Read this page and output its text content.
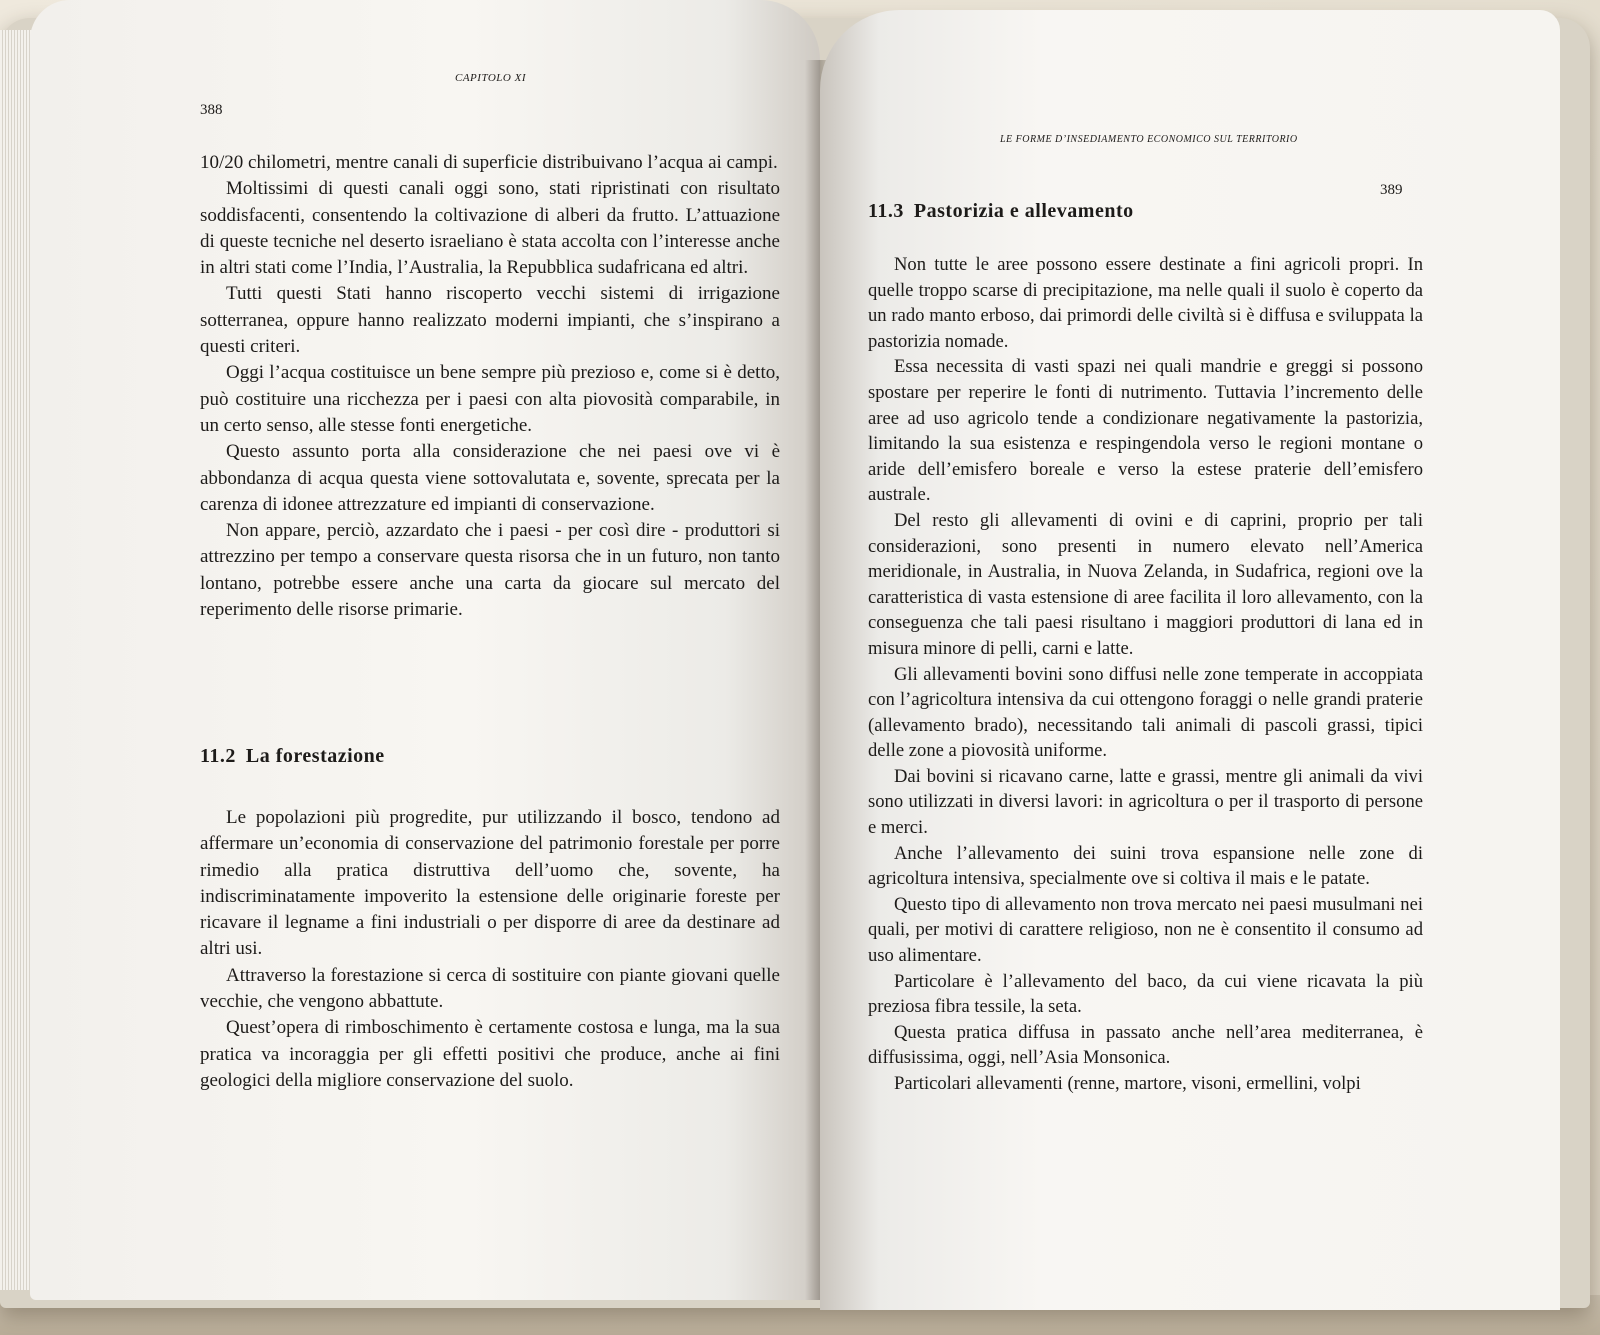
CAPITOLO XI
388

10/20 chilometri, mentre canali di superficie distribuivano l’acqua ai campi.

Moltissimi di questi canali oggi sono, stati ripristinati con risultato soddisfacenti, consentendo la coltivazione di alberi da frutto. L’attuazione di queste tecniche nel deserto israeliano è stata accolta con l’interesse anche in altri stati come l’India, l’Australia, la Repubblica sudafricana ed altri.

Tutti questi Stati hanno riscoperto vecchi sistemi di irrigazione sotterranea, oppure hanno realizzato moderni impianti, che s’inspirano a questi criteri.

Oggi l’acqua costituisce un bene sempre più prezioso e, come si è detto, può costituire una ricchezza per i paesi con alta piovosità comparabile, in un certo senso, alle stesse fonti energetiche.

Questo assunto porta alla considerazione che nei paesi ove vi è abbondanza di acqua questa viene sottovalutata e, sovente, sprecata per la carenza di idonee attrezzature ed impianti di conservazione.

Non appare, perciò, azzardato che i paesi - per così dire - produttori si attrezzino per tempo a conservare questa risorsa che in un futuro, non tanto lontano, potrebbe essere anche una carta da giocare sul mercato del reperimento delle risorse primarie.

11.2 La forestazione

Le popolazioni più progredite, pur utilizzando il bosco, tendono ad affermare un’economia di conservazione del patrimonio forestale per porre rimedio alla pratica distruttiva dell’uomo che, sovente, ha indiscriminatamente impoverito la estensione delle originarie foreste per ricavare il legname a fini industriali o per disporre di aree da destinare ad altri usi.

Attraverso la forestazione si cerca di sostituire con piante giovani quelle vecchie, che vengono abbattute.

Quest’opera di rimboschimento è certamente costosa e lunga, ma la sua pratica va incoraggia per gli effetti positivi che produce, anche ai fini geologici della migliore conservazione del suolo.

LE FORME D’INSEDIAMENTO ECONOMICO SUL TERRITORIO
389
11.3 Pastorizia e allevamento

Non tutte le aree possono essere destinate a fini agricoli propri. In quelle troppo scarse di precipitazione, ma nelle quali il suolo è coperto da un rado manto erboso, dai primordi delle civiltà si è diffusa e sviluppata la pastorizia nomade.

Essa necessita di vasti spazi nei quali mandrie e greggi si possono spostare per reperire le fonti di nutrimento. Tuttavia l’incremento delle aree ad uso agricolo tende a condizionare negativamente la pastorizia, limitando la sua esistenza e respingendola verso le regioni montane o aride dell’emisfero boreale e verso la estese praterie dell’emisfero australe.

Del resto gli allevamenti di ovini e di caprini, proprio per tali considerazioni, sono presenti in numero elevato nell’America meridionale, in Australia, in Nuova Zelanda, in Sudafrica, regioni ove la caratteristica di vasta estensione di aree facilita il loro allevamento, con la conseguenza che tali paesi risultano i maggiori produttori di lana ed in misura minore di pelli, carni e latte.

Gli allevamenti bovini sono diffusi nelle zone temperate in accoppiata con l’agricoltura intensiva da cui ottengono foraggi o nelle grandi praterie (allevamento brado), necessitando tali animali di pascoli grassi, tipici delle zone a piovosità uniforme.

Dai bovini si ricavano carne, latte e grassi, mentre gli animali da vivi sono utilizzati in diversi lavori: in agricoltura o per il trasporto di persone e merci.

Anche l’allevamento dei suini trova espansione nelle zone di agricoltura intensiva, specialmente ove si coltiva il mais e le patate.

Questo tipo di allevamento non trova mercato nei paesi musulmani nei quali, per motivi di carattere religioso, non ne è consentito il consumo ad uso alimentare.

Particolare è l’allevamento del baco, da cui viene ricavata la più preziosa fibra tessile, la seta.

Questa pratica diffusa in passato anche nell’area mediterranea, è diffusissima, oggi, nell’Asia Monsonica.

Particolari allevamenti (renne, martore, visoni, ermellini, volpi
